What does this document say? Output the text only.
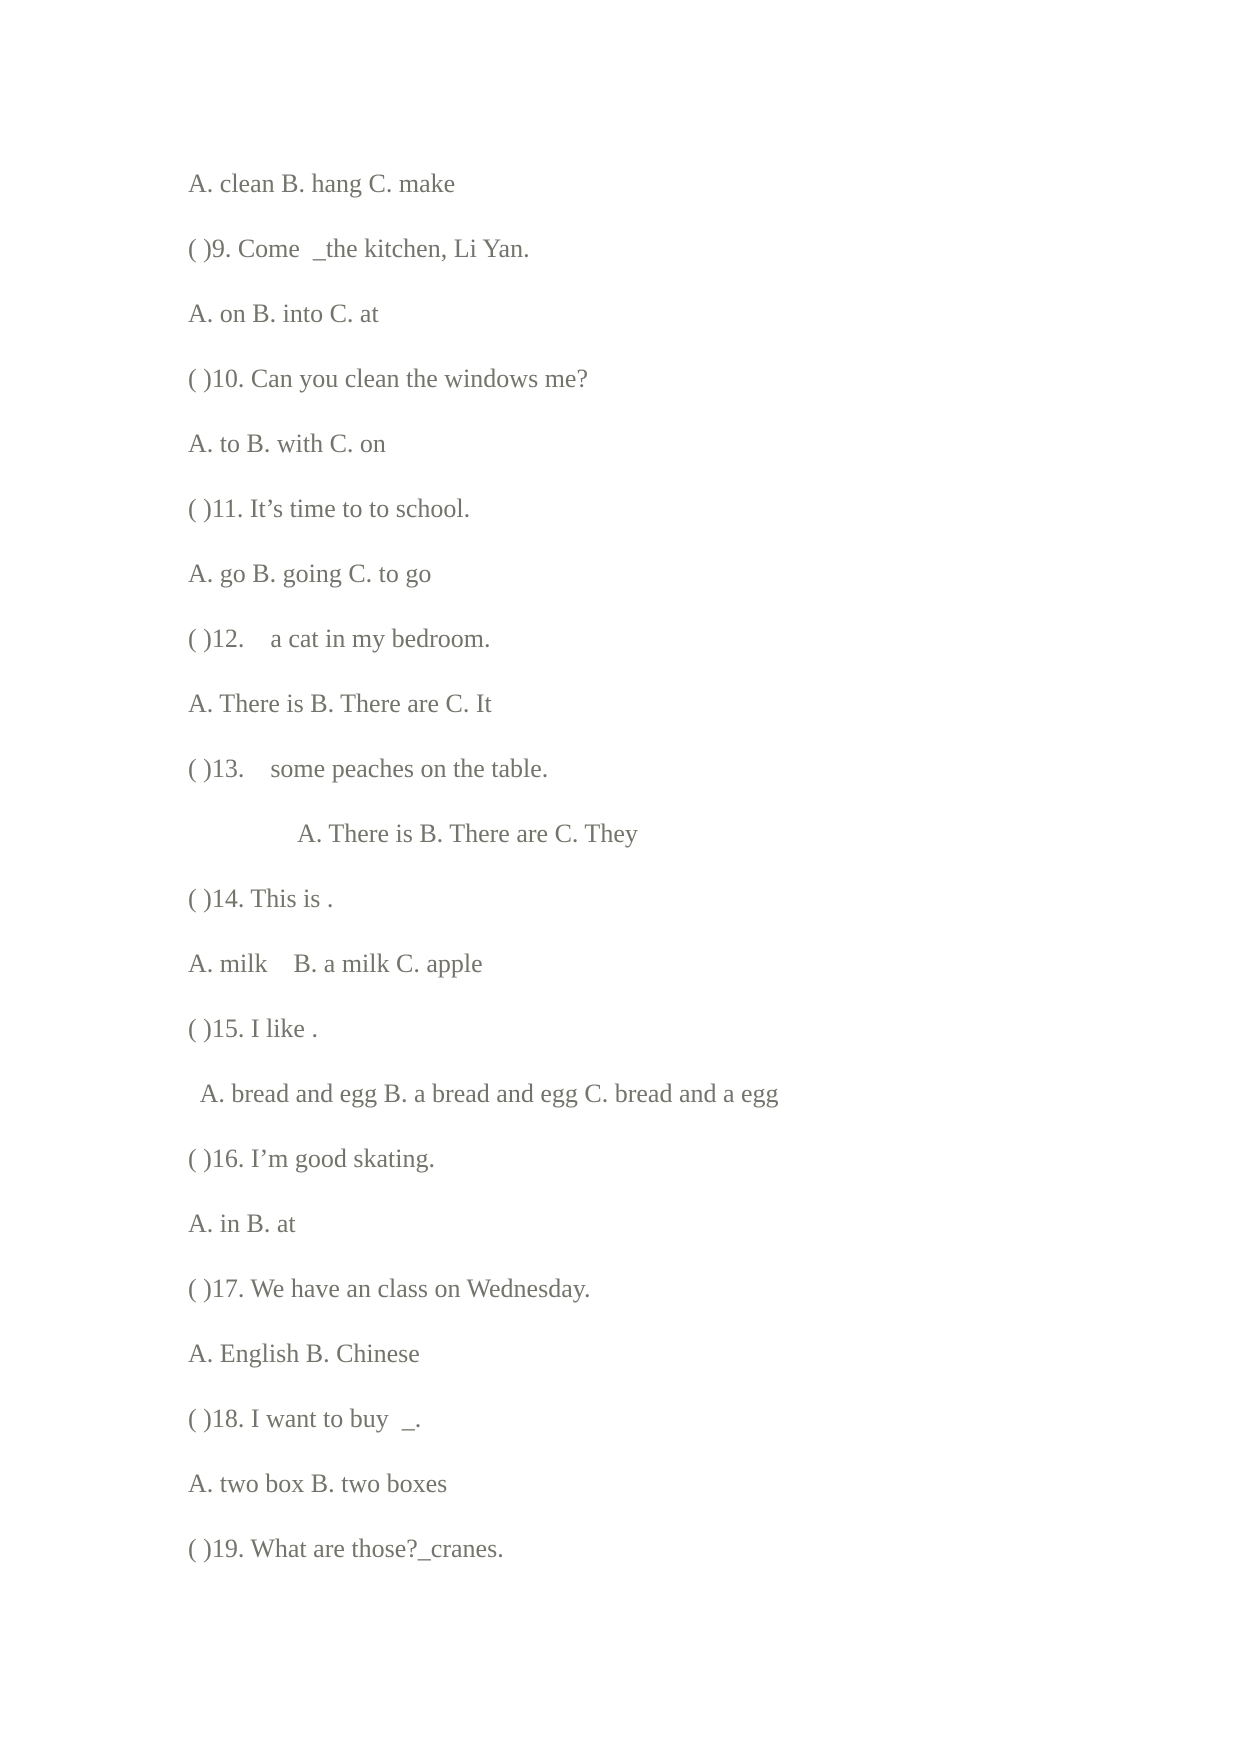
A. clean B. hang C. make

( )9. Come  _the kitchen, Li Yan.

A. on B. into C. at

( )10. Can you clean the windows me?

A. to B. with C. on

( )11. It’s time to to school.

A. go B. going C. to go

( )12.    a cat in my bedroom.

A. There is B. There are C. It

( )13.    some peaches on the table.

A. There is B. There are C. They

( )14. This is .

A. milk    B. a milk C. apple

( )15. I like .

A. bread and egg B. a bread and egg C. bread and a egg

( )16. I’m good skating.

A. in B. at

( )17. We have an class on Wednesday.

A. English B. Chinese

( )18. I want to buy  _.

A. two box B. two boxes

( )19. What are those?_cranes.
